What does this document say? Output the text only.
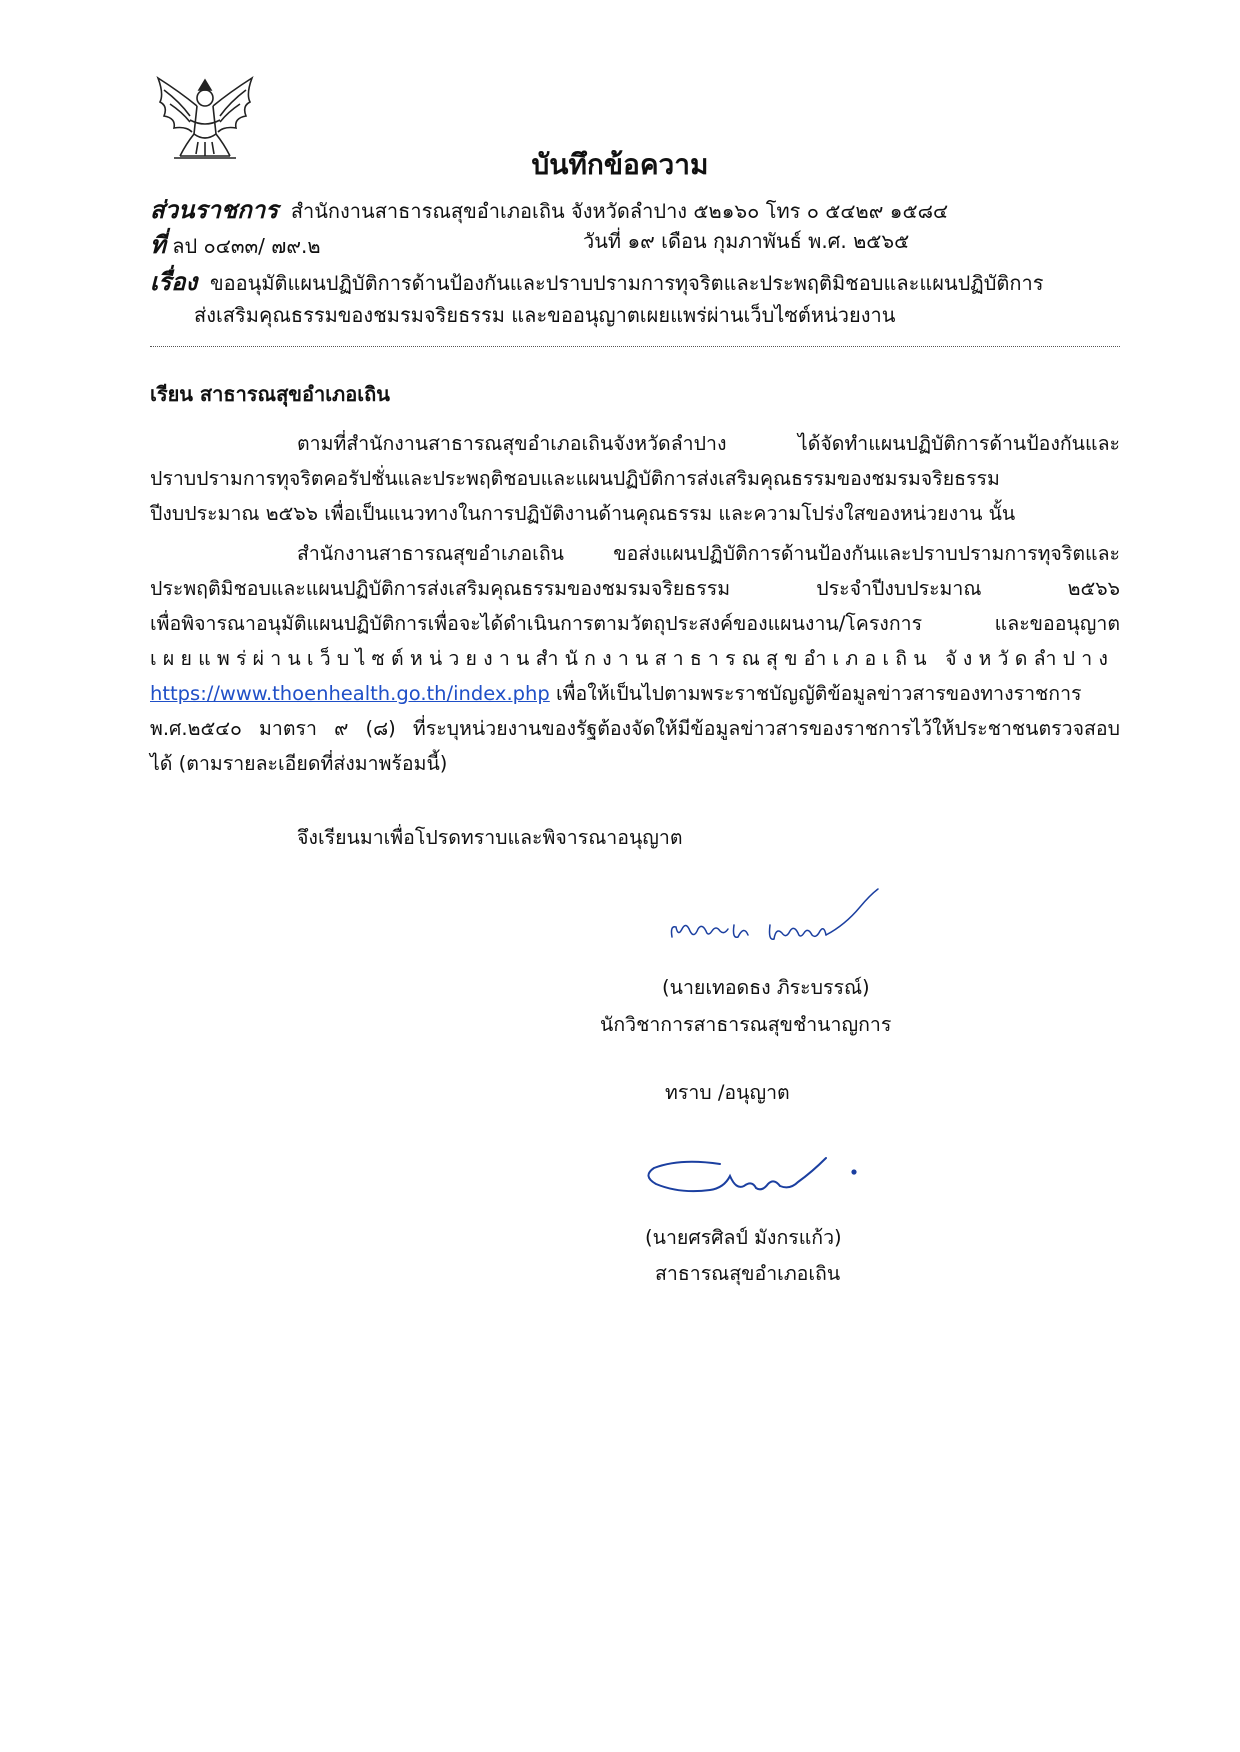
บันทึกข้อความ
ส่วนราชการ สำนักงานสาธารณสุขอำเภอเถิน จังหวัดลำปาง ๕๒๑๖๐ โทร ๐ ๕๔๒๙ ๑๕๘๔
ที่ ลป ๐๔๓๓/ ๗๙.๒	วันที่ ๑๙ เดือน กุมภาพันธ์ พ.ศ. ๒๕๖๕
เรื่อง ขออนุมัติแผนปฏิบัติการด้านป้องกันและปราบปรามการทุจริตและประพฤติมิชอบและแผนปฏิบัติการ
ส่งเสริมคุณธรรมของชมรมจริยธรรม และขออนุญาตเผยแพร่ผ่านเว็บไซต์หน่วยงาน
เรียน สาธารณสุขอำเภอเถิน
ตามที่สำนักงานสาธารณสุขอำเภอเถินจังหวัดลำปาง ได้จัดทำแผนปฏิบัติการด้านป้องกันและ
ปราบปรามการทุจริตคอรัปชั่นและประพฤติชอบและแผนปฏิบัติการส่งเสริมคุณธรรมของชมรมจริยธรรม
ปีงบประมาณ ๒๕๖๖ เพื่อเป็นแนวทางในการปฏิบัติงานด้านคุณธรรม และความโปร่งใสของหน่วยงาน นั้น
สำนักงานสาธารณสุขอำเภอเถิน ขอส่งแผนปฏิบัติการด้านป้องกันและปราบปรามการทุจริตและ
ประพฤติมิชอบและแผนปฏิบัติการส่งเสริมคุณธรรมของชมรมจริยธรรม ประจำปีงบประมาณ ๒๕๖๖
เพื่อพิจารณาอนุมัติแผนปฏิบัติการเพื่อจะได้ดำเนินการตามวัตถุประสงค์ของแผนงาน/โครงการ และขออนุญาต
เผยแพร่ผ่านเว็บไซต์หน่วยงานสำนักงานสาธารณสุขอำเภอเถิน จังหวัดลำปาง
https://www.thoenhealth.go.th/index.php เพื่อให้เป็นไปตามพระราชบัญญัติข้อมูลข่าวสารของทางราชการ
พ.ศ.๒๕๔๐ มาตรา ๙ (๘) ที่ระบุหน่วยงานของรัฐต้องจัดให้มีข้อมูลข่าวสารของราชการไว้ให้ประชาชนตรวจสอบ
ได้ (ตามรายละเอียดที่ส่งมาพร้อมนี้)
จึงเรียนมาเพื่อโปรดทราบและพิจารณาอนุญาต
(นายเทอดธง ภิระบรรณ์)
นักวิชาการสาธารณสุขชำนาญการ
ทราบ /อนุญาต
(นายศรศิลป์ มังกรแก้ว)
สาธารณสุขอำเภอเถิน
